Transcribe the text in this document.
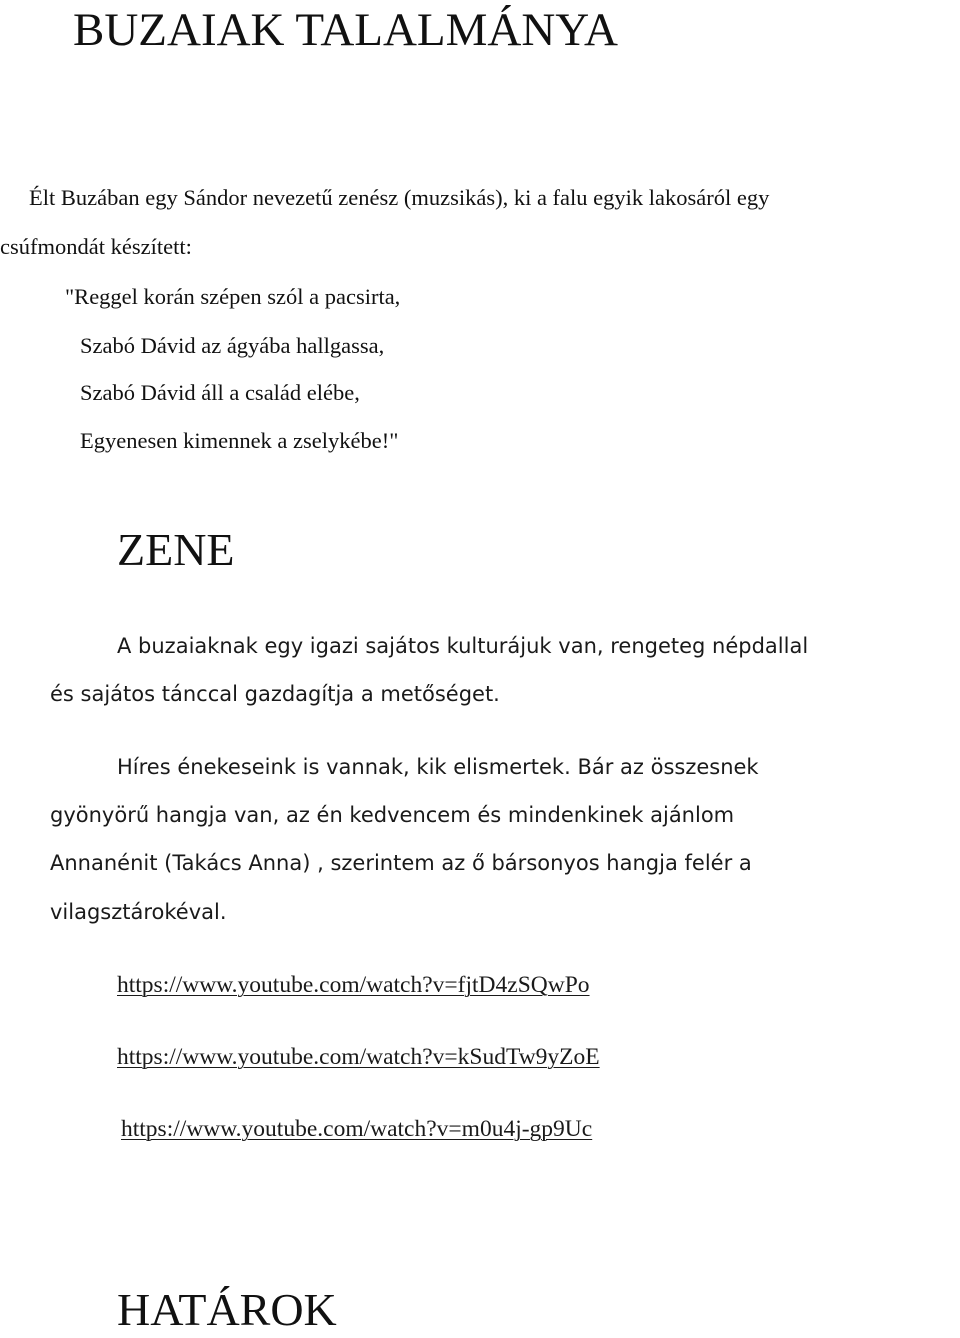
BUZAIAK TALALMÁNYA

Élt Buzában egy Sándor nevezetű zenész (muzsikás), ki a falu egyik lakosáról egy

csúfmondát készített:

"Reggel korán szépen szól a pacsirta,

Szabó Dávid az ágyába hallgassa,

Szabó Dávid áll a család elébe,

Egyenesen kimennek a zselykébe!"

ZENE

A buzaiaknak egy igazi sajátos kulturájuk van, rengeteg népdallal

és sajátos tánccal gazdagítja a metőséget.

Híres énekeseink is vannak, kik elismertek. Bár az összesnek

gyönyörű hangja van, az én kedvencem és mindenkinek ajánlom

Annanénit (Takács Anna) , szerintem az ő bársonyos hangja felér a

vilagsztárokéval.

https://www.youtube.com/watch?v=fjtD4zSQwPo
https://www.youtube.com/watch?v=kSudTw9yZoE
https://www.youtube.com/watch?v=m0u4j-gp9Uc
HATÁROK
